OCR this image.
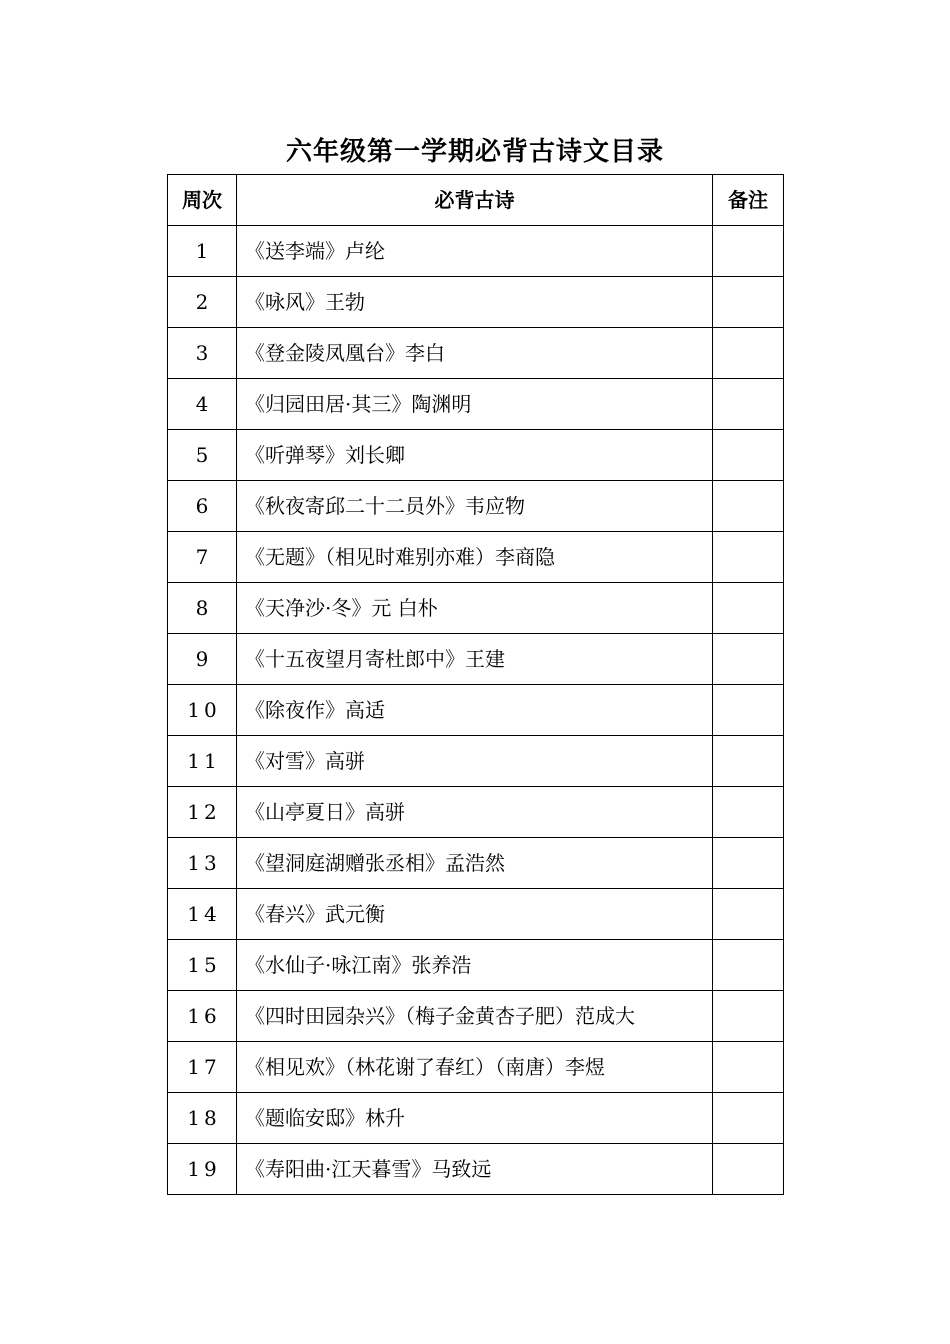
六年级第一学期必背古诗文目录
周次	必背古诗	备注
1	《送李端》卢纶	
2	《咏风》王勃	
3	《登金陵凤凰台》李白	
4	《归园田居·其三》陶渊明	
5	《听弹琴》刘长卿	
6	《秋夜寄邱二十二员外》韦应物	
7	《无题》（相见时难别亦难）李商隐	
8	《天净沙·冬》元 白朴	
9	《十五夜望月寄杜郎中》王建	
10	《除夜作》高适	
11	《对雪》高骈	
12	《山亭夏日》高骈	
13	《望洞庭湖赠张丞相》孟浩然	
14	《春兴》武元衡	
15	《水仙子·咏江南》张养浩	
16	《四时田园杂兴》（梅子金黄杏子肥）范成大	
17	《相见欢》（林花谢了春红）（南唐）李煜	
18	《题临安邸》林升	
19	《寿阳曲·江天暮雪》马致远	
